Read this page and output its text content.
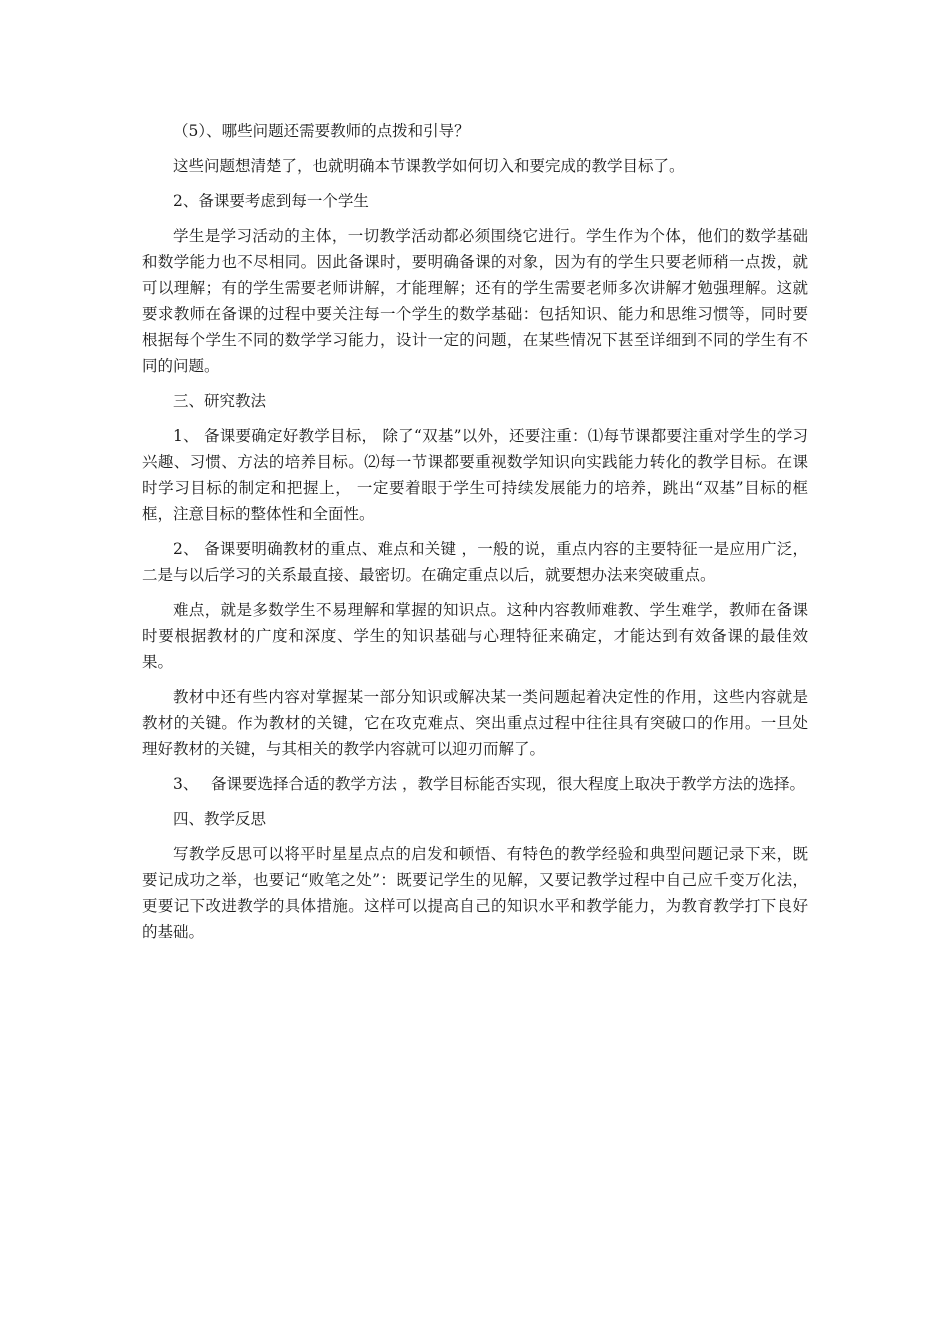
（5）、哪些问题还需要教师的点拨和引导？

这些问题想清楚了，也就明确本节课教学如何切入和要完成的教学目标了。

2、备课要考虑到每一个学生

学生是学习活动的主体，一切教学活动都必须围绕它进行。学生作为个体，他们的数学基础和数学能力也不尽相同。因此备课时，要明确备课的对象，因为有的学生只要老师稍一点拨，就可以理解；有的学生需要老师讲解，才能理解；还有的学生需要老师多次讲解才勉强理解。这就要求教师在备课的过程中要关注每一个学生的数学基础：包括知识、能力和思维习惯等，同时要根据每个学生不同的数学学习能力，设计一定的问题，在某些情况下甚至详细到不同的学生有不同的问题。

三、研究教法

1、 备课要确定好教学目标， 除了“双基”以外，还要注重：⑴每节课都要注重对学生的学习兴趣、习惯、方法的培养目标。⑵每一节课都要重视数学知识向实践能力转化的教学目标。在课时学习目标的制定和把握上， 一定要着眼于学生可持续发展能力的培养，跳出“双基”目标的框框，注意目标的整体性和全面性。

2、 备课要明确教材的重点、难点和关键 ，一般的说，重点内容的主要特征一是应用广泛，二是与以后学习的关系最直接、最密切。在确定重点以后，就要想办法来突破重点。

难点，就是多数学生不易理解和掌握的知识点。这种内容教师难教、学生难学，教师在备课时要根据教材的广度和深度、学生的知识基础与心理特征来确定，才能达到有效备课的最佳效果。

教材中还有些内容对掌握某一部分知识或解决某一类问题起着决定性的作用，这些内容就是教材的关键。作为教材的关键，它在攻克难点、突出重点过程中往往具有突破口的作用。一旦处理好教材的关键，与其相关的教学内容就可以迎刃而解了。

3、　 备课要选择合适的教学方法 ，教学目标能否实现，很大程度上取决于教学方法的选择。

四、教学反思

写教学反思可以将平时星星点点的启发和顿悟、有特色的教学经验和典型问题记录下来，既要记成功之举，也要记“败笔之处”：既要记学生的见解，又要记教学过程中自己应千变万化法，更要记下改进教学的具体措施。这样可以提高自己的知识水平和教学能力，为教育教学打下良好的基础。
